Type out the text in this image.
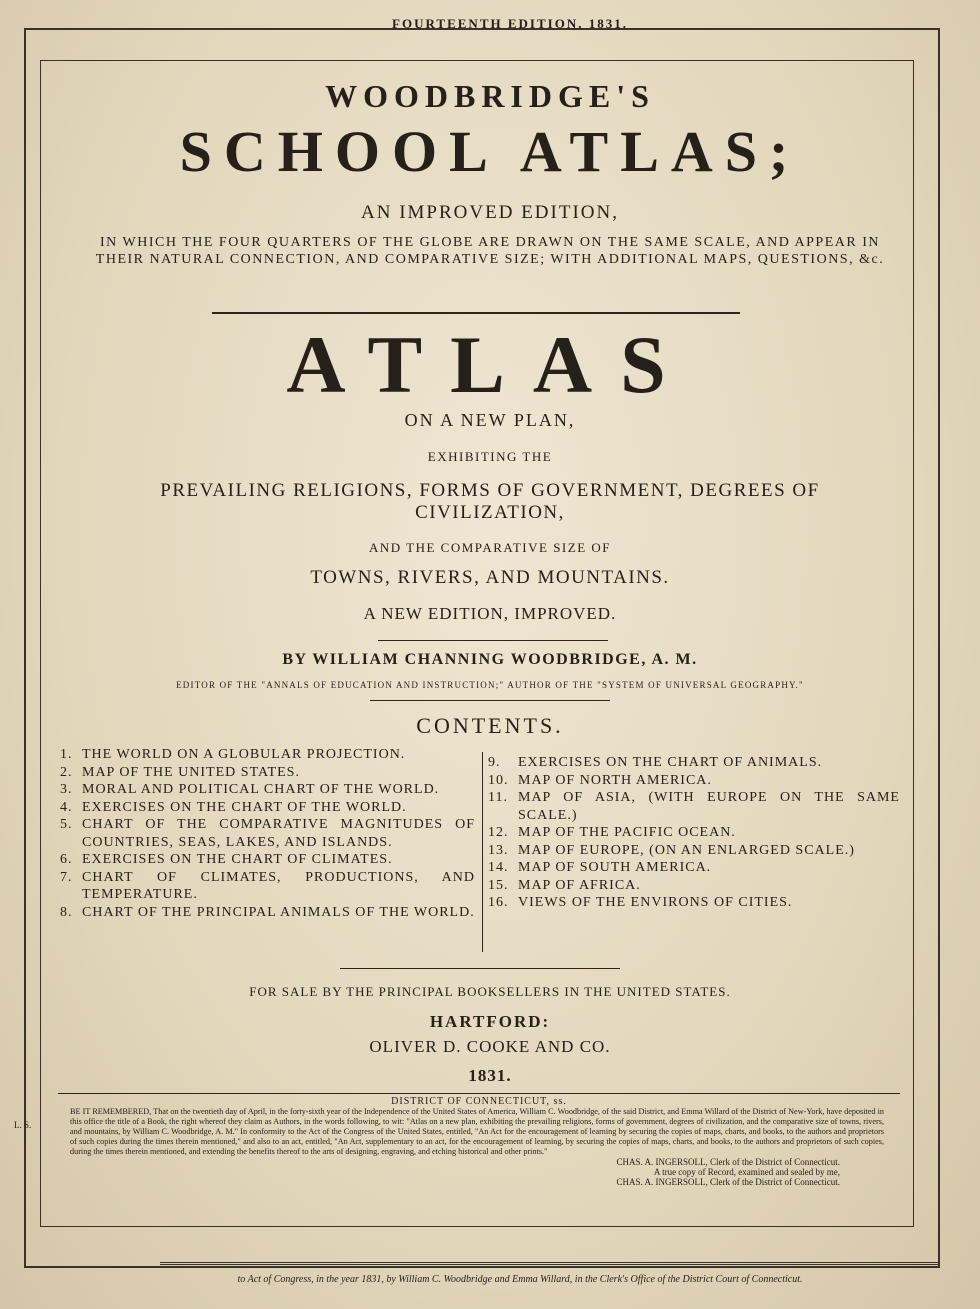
FOURTEENTH EDITION, 1831.
WOODBRIDGE'S
SCHOOL ATLAS;
AN IMPROVED EDITION,
IN WHICH THE FOUR QUARTERS OF THE GLOBE ARE DRAWN ON THE SAME SCALE, AND APPEAR IN THEIR NATURAL CONNECTION, AND COMPARATIVE SIZE; WITH ADDITIONAL MAPS, QUESTIONS, &c.
ATLAS
ON A NEW PLAN,
EXHIBITING THE
PREVAILING RELIGIONS, FORMS OF GOVERNMENT, DEGREES OF CIVILIZATION,
AND THE COMPARATIVE SIZE OF
TOWNS, RIVERS, AND MOUNTAINS.
A NEW EDITION, IMPROVED.
BY WILLIAM CHANNING WOODBRIDGE, A. M.
EDITOR OF THE "ANNALS OF EDUCATION AND INSTRUCTION;" AUTHOR OF THE "SYSTEM OF UNIVERSAL GEOGRAPHY."
CONTENTS.
1. THE WORLD ON A GLOBULAR PROJECTION.
2. MAP OF THE UNITED STATES.
3. MORAL AND POLITICAL CHART OF THE WORLD.
4. EXERCISES ON THE CHART OF THE WORLD.
5. CHART OF THE COMPARATIVE MAGNITUDES OF COUNTRIES, SEAS, LAKES, AND ISLANDS.
6. EXERCISES ON THE CHART OF CLIMATES.
7. CHART OF CLIMATES, PRODUCTIONS, AND TEMPERATURE.
8. CHART OF THE PRINCIPAL ANIMALS OF THE WORLD.
9.	EXERCISES ON THE CHART OF ANIMALS.
10. MAP OF NORTH AMERICA.
11. MAP OF ASIA, (WITH EUROPE ON THE SAME SCALE.)
12. MAP OF THE PACIFIC OCEAN.
13. MAP OF EUROPE, (ON AN ENLARGED SCALE.)
14. MAP OF SOUTH AMERICA.
15. MAP OF AFRICA.
16. VIEWS OF THE ENVIRONS OF CITIES.
FOR SALE BY THE PRINCIPAL BOOKSELLERS IN THE UNITED STATES.
HARTFORD:
OLIVER D. COOKE AND CO.
1831.
DISTRICT OF CONNECTICUT, ss.
BE IT REMEMBERED, That on the twentieth day of April, in the forty-sixth year of the Independence of the United States of America, William C. Woodbridge, of the said District, and Emma Willard of the District of New-York, have deposited in this office the title of a Book, the right whereof they claim as Authors, in the words following, to wit: "Atlas on a new plan, exhibiting the prevailing religions, forms of government, degrees of civilization, and the comparative size of towns, rivers, and mountains, by William C. Woodbridge, A. M." In conformity to the Act of the Congress of the United States, entitled, "An Act for the encouragement of learning by securing the copies of maps, charts, and books, to the authors and proprietors of such copies during the times therein mentioned," and also to an act, entitled, "An Act, supplementary to an act, for the encouragement of learning, by securing the copies of maps, charts, and books, to the authors and proprietors of such copies, during the times therein mentioned, and extending the benefits thereof to the arts of designing, engraving, and etching historical and other prints."
CHAS. A. INGERSOLL, Clerk of the District of Connecticut.
A true copy of Record, examined and sealed by me,
CHAS. A. INGERSOLL, Clerk of the District of Connecticut.
L. S.
to Act of Congress, in the year 1831, by William C. Woodbridge and Emma Willard, in the Clerk's Office of the District Court of Connecticut.
